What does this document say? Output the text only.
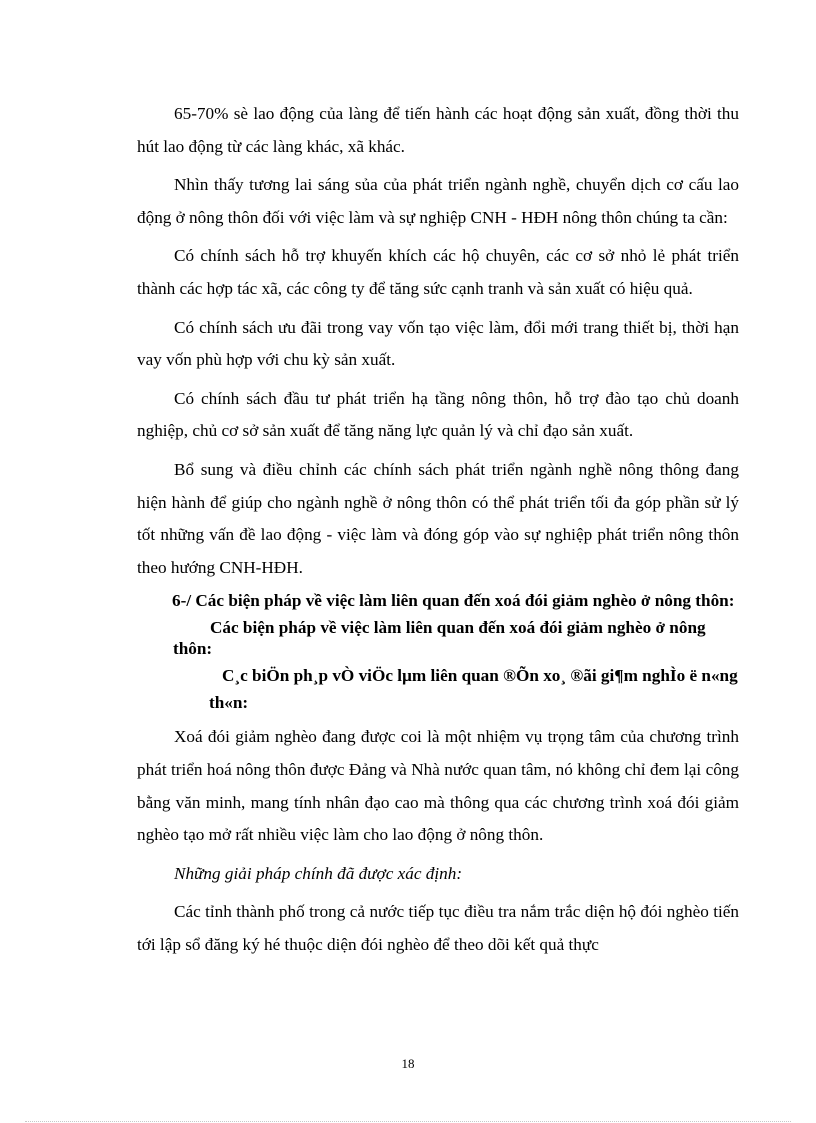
65-70% sè lao động của làng để tiến hành các hoạt động sản xuất, đồng thời thu hút lao động từ các làng khác, xã khác.

Nhìn thấy tương lai sáng sủa của phát triển ngành nghề, chuyển dịch cơ cấu lao động ở nông thôn đối với việc làm và sự nghiệp CNH - HĐH nông thôn chúng ta cần:

Có chính sách hỗ trợ khuyến khích các hộ chuyên, các cơ sở nhỏ lẻ phát triển thành các hợp tác xã, các công ty để tăng sức cạnh tranh và sản xuất có hiệu quả.

Có chính sách ưu đãi trong vay vốn tạo việc làm, đổi mới trang thiết bị, thời hạn vay vốn phù hợp với chu kỳ sản xuất.

Có chính sách đầu tư phát triển hạ tầng nông thôn, hỗ trợ đào tạo chủ doanh nghiệp, chủ cơ sở sản xuất để tăng năng lực quản lý và chỉ đạo sản xuất.

Bổ sung và điều chỉnh các chính sách phát triển ngành nghề nông thông đang hiện hành để giúp cho ngành nghề ở nông thôn có thể phát triển tối đa góp phần sử lý tốt những vấn đề lao động - việc làm và đóng góp vào sự nghiệp phát triển nông thôn theo hướng CNH-HĐH.

6-/ Các biện pháp về việc làm liên quan đến xoá đói giảm nghèo ở nông thôn:

Các biện pháp về việc làm liên quan đến xoá đói giảm nghèo ở nông thôn:

C¸c biÖn ph¸p vÒ viÖc lµm liên quan ®Õn xo¸ ®ãi gi¶m nghÌo ë n«ng

th«n:

Xoá đói giảm nghèo đang được coi là một nhiệm vụ trọng tâm của chương trình phát triển hoá nông thôn được Đảng và Nhà nước quan tâm, nó không chỉ đem lại công bằng văn minh, mang tính nhân đạo cao mà thông qua các chương trình xoá đói giảm nghèo tạo mở rất nhiều việc làm cho lao động ở nông thôn.

Những giải pháp chính đã được xác định:

Các tỉnh thành phố trong cả nước tiếp tục điều tra nắm trắc diện hộ đói nghèo tiến tới lập sổ đăng ký hé thuộc diện đói nghèo để theo dõi kết quả thực

18
